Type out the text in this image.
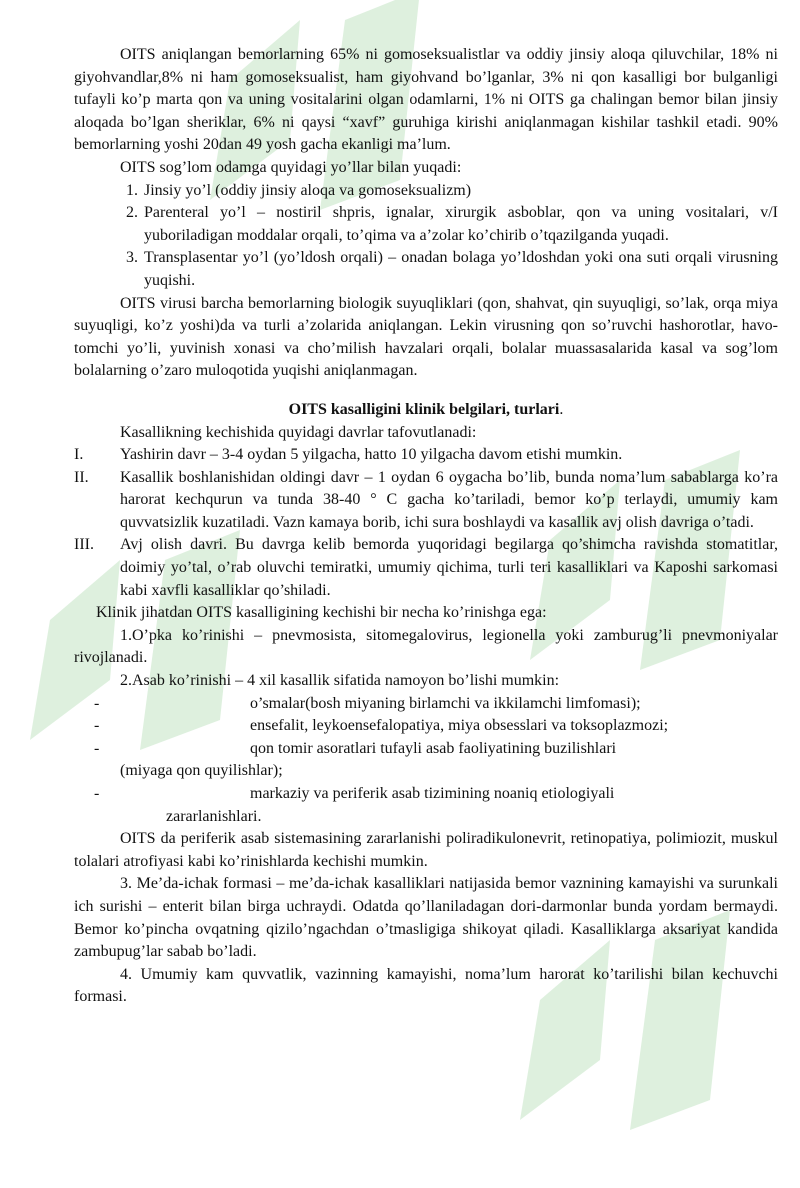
OITS aniqlangan bemorlarning 65% ni gomoseksualistlar va oddiy jinsiy aloqa qiluvchilar, 18% ni giyohvandlar,8% ni ham gomoseksualist, ham giyohvand bo’lganlar, 3% ni qon kasalligi bor bulganligi tufayli ko’p marta qon va uning vositalarini olgan odamlarni, 1% ni OITS ga chalingan bemor bilan jinsiy aloqada bo’lgan sheriklar, 6% ni qaysi “xavf” guruhiga kirishi aniqlanmagan kishilar tashkil etadi. 90% bemorlarning yoshi 20dan 49 yosh gacha ekanligi ma’lum.

OITS sog’lom odamga quyidagi yo’llar bilan yuqadi:

1. Jinsiy yo’l (oddiy jinsiy aloqa va gomoseksualizm)
2. Parenteral yo’l – nostiril shpris, ignalar, xirurgik asboblar, qon va uning vositalari, v/I yuboriladigan moddalar orqali, to’qima va a’zolar ko’chirib o’tqazilganda yuqadi.
3. Transplasentar yo’l (yo’ldosh orqali) – onadan bolaga yo’ldoshdan yoki ona suti orqali virusning yuqishi.

OITS virusi barcha bemorlarning biologik suyuqliklari (qon, shahvat, qin suyuqligi, so’lak, orqa miya suyuqligi, ko’z yoshi)da va turli a’zolarida aniqlangan. Lekin virusning qon so’ruvchi hashorotlar, havo-tomchi yo’li, yuvinish xonasi va cho’milish havzalari orqali, bolalar muassasalarida kasal va sog’lom bolalarning o’zaro muloqotida yuqishi aniqlanmagan.

OITS kasalligini klinik belgilari, turlari.

Kasallikning kechishida quyidagi davrlar tafovutlanadi:

I.	Yashirin davr – 3-4 oydan 5 yilgacha, hatto 10 yilgacha davom etishi mumkin.
II.	Kasallik boshlanishidan oldingi davr – 1 oydan 6 oygacha bo’lib, bunda noma’lum sabablarga ko’ra harorat kechqurun va tunda 38-40 ° C gacha ko’tariladi, bemor ko’p terlaydi, umumiy kam quvvatsizlik kuzatiladi. Vazn kamaya borib, ichi sura boshlaydi va kasallik avj olish davriga o’tadi.
III.	Avj olish davri. Bu davrga kelib bemorda yuqoridagi begilarga qo’shimcha ravishda stomatitlar, doimiy yo’tal, o’rab oluvchi temiratki, umumiy qichima, turli teri kasalliklari va Kaposhi sarkomasi kabi xavfli kasalliklar qo’shiladi.

Klinik jihatdan OITS kasalligining kechishi bir necha ko’rinishga ega:

1.O’pka ko’rinishi – pnevmosista, sitomegalovirus, legionella yoki zamburug’li pnevmoniyalar rivojlanadi.

2.Asab ko’rinishi – 4 xil kasallik sifatida namoyon bo’lishi mumkin:

-	o’smalar(bosh miyaning birlamchi va ikkilamchi limfomasi);
-	ensefalit, leykoensefalopatiya, miya obsesslari va toksoplazmozi;
-	qon tomir asoratlari tufayli asab faoliyatining buzilishlari
(miyaga qon quyilishlar);
-	markaziy va periferik asab tizimining noaniq etiologiyali
zararlanishlari.

OITS da periferik asab sistemasining zararlanishi poliradikulonevrit, retinopatiya, polimiozit, muskul tolalari atrofiyasi kabi ko’rinishlarda kechishi mumkin.

3. Me’da-ichak formasi – me’da-ichak kasalliklari natijasida bemor vaznining kamayishi va surunkali ich surishi – enterit bilan birga uchraydi. Odatda qo’llaniladagan dori-darmonlar bunda yordam bermaydi. Bemor ko’pincha ovqatning qizilo’ngachdan o’tmasligiga shikoyat qiladi. Kasalliklarga aksariyat kandida zambupug’lar sabab bo’ladi.

4. Umumiy kam quvvatlik, vazinning kamayishi, noma’lum harorat ko’tarilishi bilan kechuvchi formasi.
